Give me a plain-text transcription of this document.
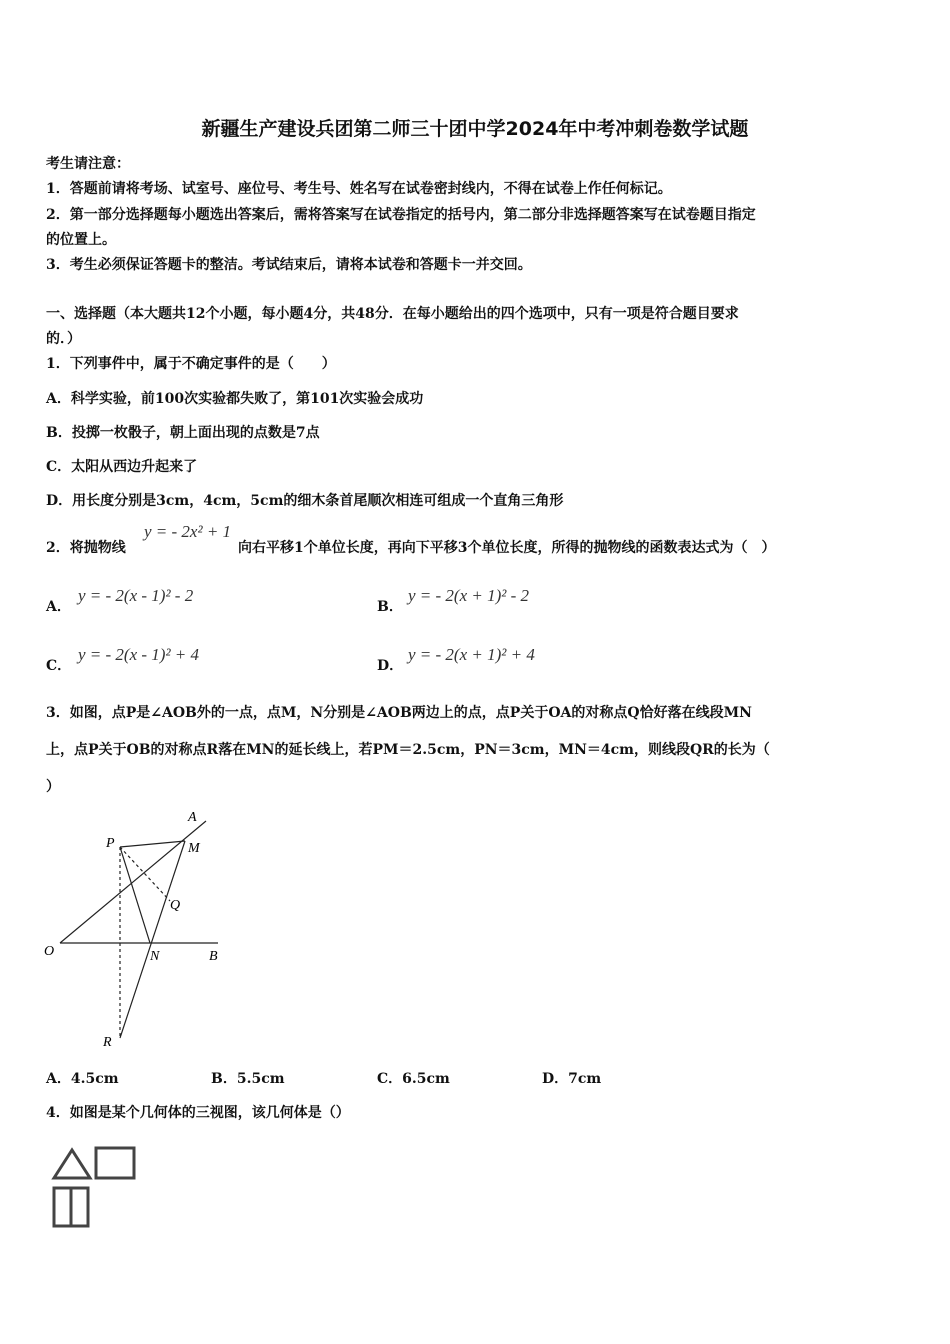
新疆生产建设兵团第二师三十团中学2024年中考冲刺卷数学试题
考生请注意：
1．答题前请将考场、试室号、座位号、考生号、姓名写在试卷密封线内，不得在试卷上作任何标记。
2．第一部分选择题每小题选出答案后，需将答案写在试卷指定的括号内，第二部分非选择题答案写在试卷题目指定
的位置上。
3．考生必须保证答题卡的整洁。考试结束后，请将本试卷和答题卡一并交回。
一、选择题（本大题共12个小题，每小题4分，共48分．在每小题给出的四个选项中，只有一项是符合题目要求
的．）
1．下列事件中，属于不确定事件的是（　　）
A．科学实验，前100次实验都失败了，第101次实验会成功
B．投掷一枚骰子，朝上面出现的点数是7点
C．太阳从西边升起来了
D．用长度分别是3cm，4cm，5cm的细木条首尾顺次相连可组成一个直角三角形
2．将抛物线
y = - 2x² + 1
向右平移1个单位长度，再向下平移3个单位长度，所得的抛物线的函数表达式为（　）
A．
y = - 2(x - 1)² - 2
B．
y = - 2(x + 1)² - 2
C．
y = - 2(x - 1)² + 4
D．
y = - 2(x + 1)² + 4
3．如图，点P是∠AOB外的一点，点M，N分别是∠AOB两边上的点，点P关于OA的对称点Q恰好落在线段MN
上，点P关于OB的对称点R落在MN的延长线上，若PM＝2.5cm，PN＝3cm，MN＝4cm，则线段QR的长为（
）
A
M
P
Q
O	N	B
R
A．4.5cm	B．5.5cm	C．6.5cm	D．7cm
4．如图是某个几何体的三视图，该几何体是（）
